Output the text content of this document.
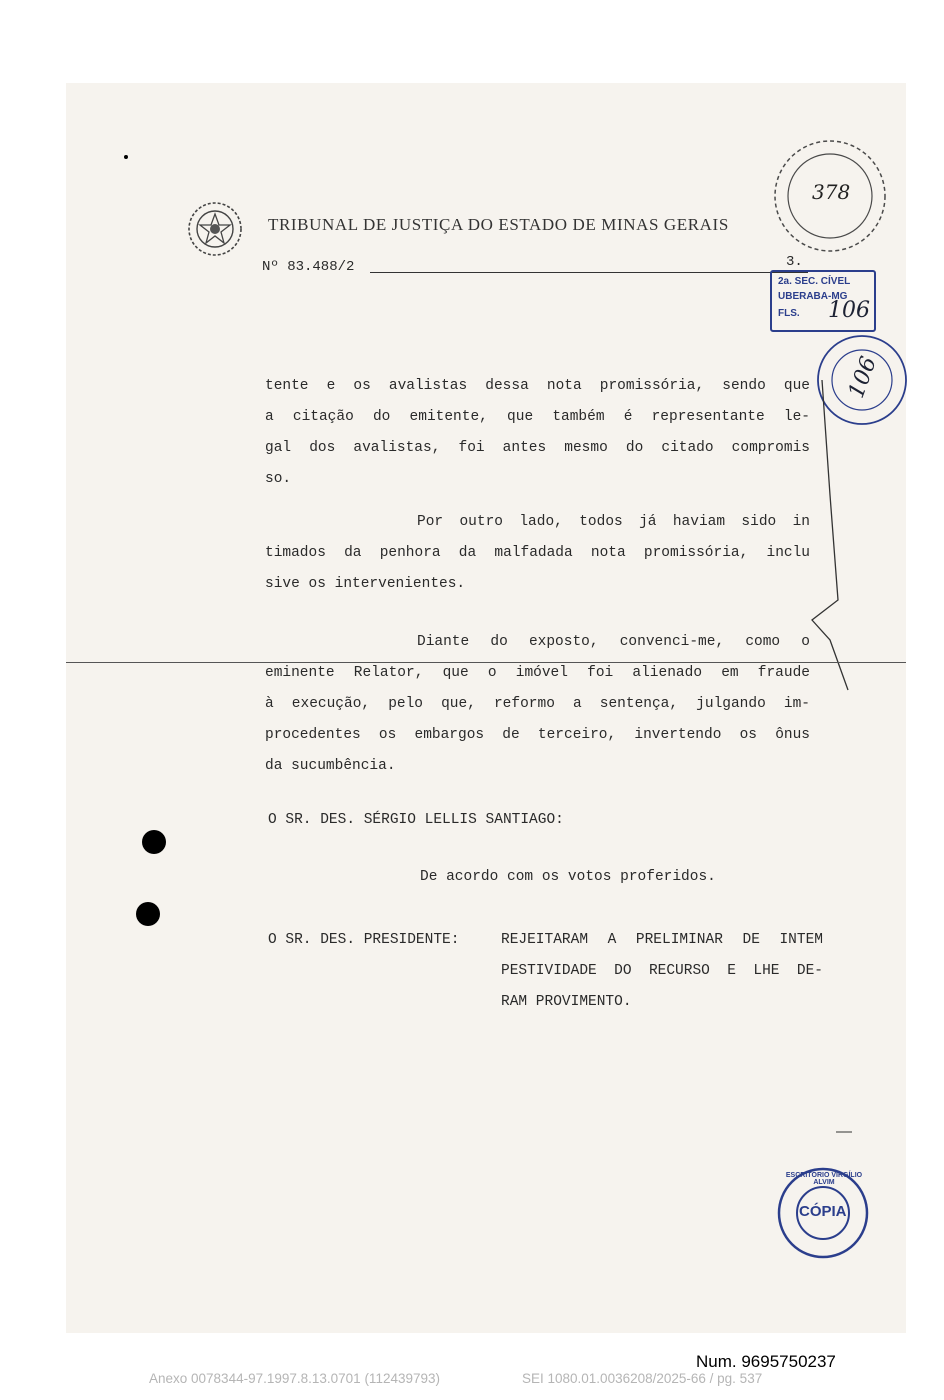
TRIBUNAL DE JUSTIÇA DO ESTADO DE MINAS GERAIS
Nº 83.488/2	3.
378
106
2a. SEC. CÍVEL
UBERABA-MG
FLS. 106
CÓPIA
ESCRITÓRIO VIRGÍLIO ALVIM

tente e os avalistas dessa nota promissória, sendo que
a citação do emitente, que também é representante le-
gal dos avalistas, foi antes mesmo do citado compromis
so.

Por outro lado, todos já haviam sido in

timados da penhora da malfadada nota promissória, inclu
sive os intervenientes.

Diante do exposto, convenci-me, como o

eminente Relator, que o imóvel foi alienado em fraude
à execução, pelo que, reformo a sentença, julgando im-
procedentes os embargos de terceiro, invertendo os ônus
da sucumbência.

O SR. DES. SÉRGIO LELLIS SANTIAGO:

De acordo com os votos proferidos.

O SR. DES. PRESIDENTE:	REJEITARAM A PRELIMINAR DE INTEM
PESTIVIDADE DO RECURSO E LHE DE-
RAM PROVIMENTO.

Num. 9695750237
Anexo 0078344-97.1997.8.13.0701 (112439793)	SEI 1080.01.0036208/2025-66 / pg. 537
